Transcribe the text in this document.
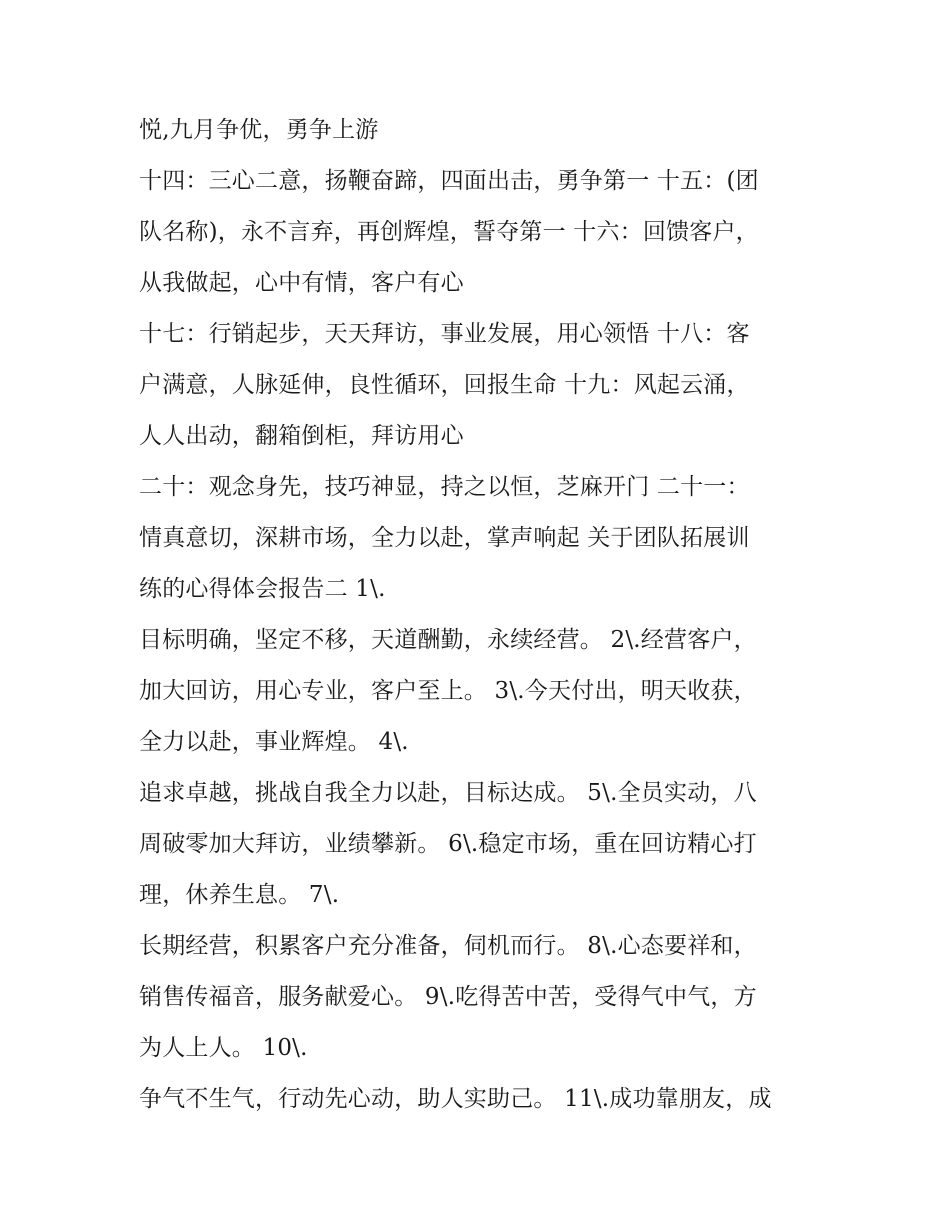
悦,九月争优，勇争上游
十四：三心二意，扬鞭奋蹄，四面出击，勇争第一 十五：(团
队名称)，永不言弃，再创辉煌，誓夺第一 十六：回馈客户，
从我做起，心中有情，客户有心
十七：行销起步，天天拜访，事业发展，用心领悟 十八：客
户满意，人脉延伸，良性循环，回报生命 十九：风起云涌，
人人出动，翻箱倒柜，拜访用心
二十：观念身先，技巧神显，持之以恒，芝麻开门 二十一：
情真意切，深耕市场，全力以赴，掌声响起 关于团队拓展训
练的心得体会报告二 1\.
目标明确，坚定不移，天道酬勤，永续经营。 2\.经营客户，
加大回访，用心专业，客户至上。 3\.今天付出，明天收获，
全力以赴，事业辉煌。 4\.
追求卓越，挑战自我全力以赴，目标达成。 5\.全员实动，八
周破零加大拜访，业绩攀新。 6\.稳定市场，重在回访精心打
理，休养生息。 7\.
长期经营，积累客户充分准备，伺机而行。 8\.心态要祥和，
销售传福音，服务献爱心。 9\.吃得苦中苦，受得气中气，方
为人上人。 10\.
争气不生气，行动先心动，助人实助己。 11\.成功靠朋友，成
